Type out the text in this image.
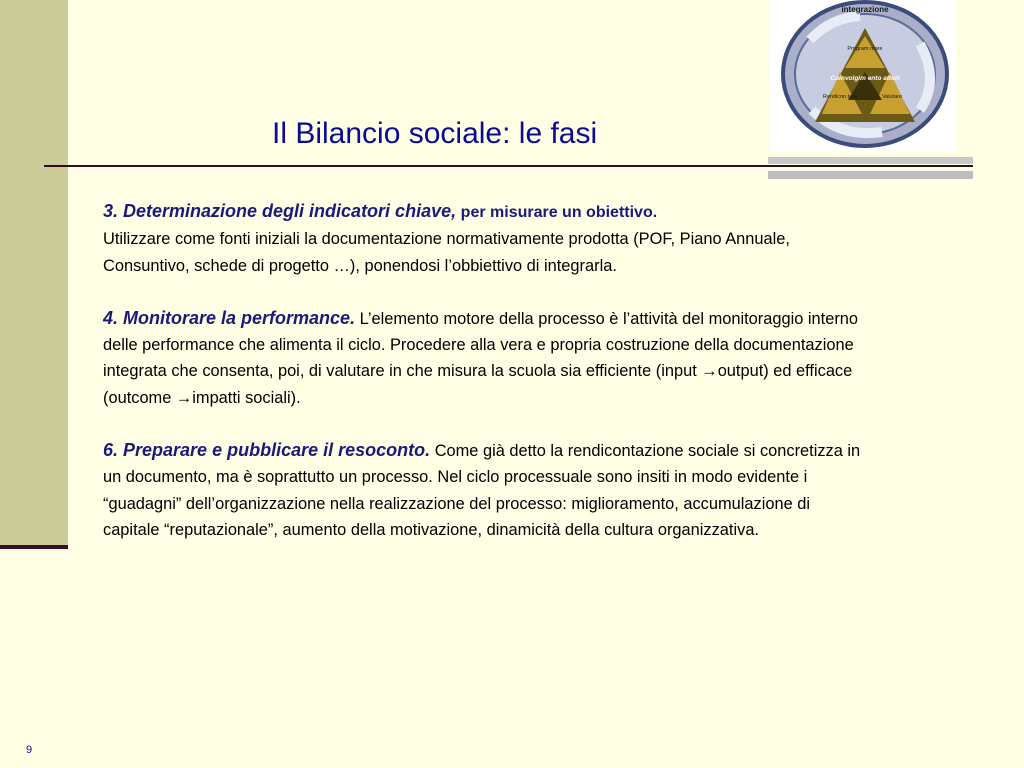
integrazione
Program mare
Coinvolgim ento attori
Rendicon tare	Valutare
Il Bilancio sociale: le fasi

3. Determinazione degli indicatori chiave, per misurare un obiettivo.
Utilizzare come fonti iniziali la documentazione normativamente prodotta (POF, Piano Annuale, Consuntivo, schede di progetto …), ponendosi l’obbiettivo di integrarla.

4. Monitorare la performance. L’elemento motore della processo è l’attività del monitoraggio interno delle performance che alimenta il ciclo. Procedere alla vera e propria costruzione della documentazione integrata che consenta, poi, di valutare in che misura la scuola sia efficiente (input →output) ed efficace (outcome →impatti sociali).

6. Preparare e pubblicare il resoconto. Come già detto la rendicontazione sociale si concretizza in un documento, ma è soprattutto un processo. Nel ciclo processuale sono insiti in modo evidente i “guadagni” dell’organizzazione nella realizzazione del processo: miglioramento, accumulazione di capitale “reputazionale”, aumento della motivazione, dinamicità della cultura organizzativa.

9
